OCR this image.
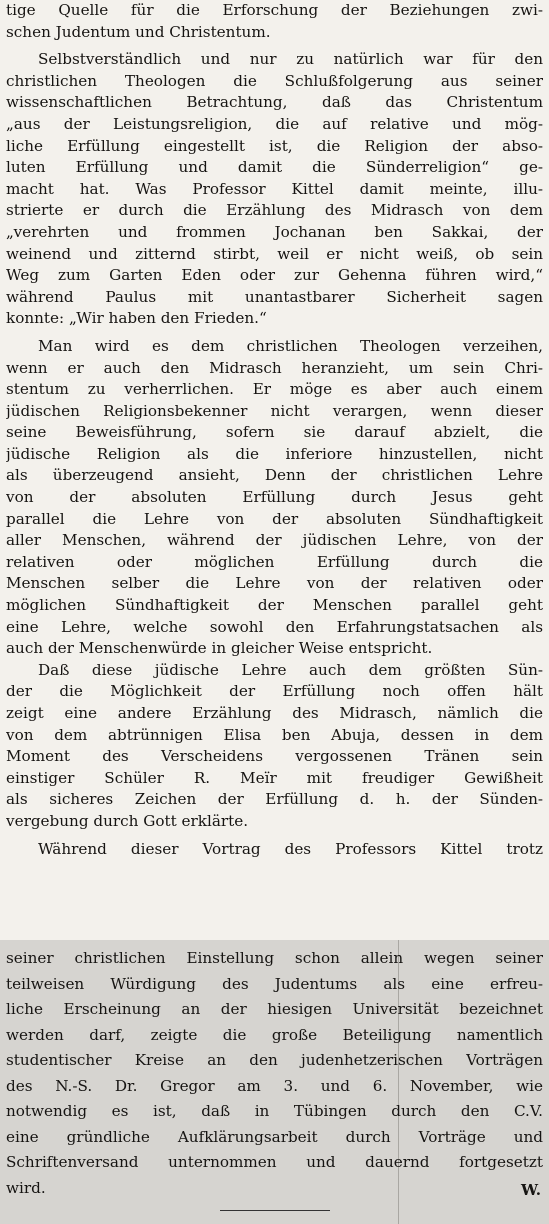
tige Quelle für die Erforschung der Beziehungen zwi-
schen Judentum und Christentum.
Selbstverständlich und nur zu natürlich war für den
christlichen Theologen die Schlußfolgerung aus seiner
wissenschaftlichen Betrachtung, daß das Christentum
„aus der Leistungsreligion, die auf relative und mög-
liche Erfüllung eingestellt ist, die Religion der abso-
luten Erfüllung und damit die Sünderreligion“ ge-
macht hat. Was Professor Kittel damit meinte, illu-
strierte er durch die Erzählung des Midrasch von dem
„verehrten und frommen Jochanan ben Sakkai, der
weinend und zitternd stirbt, weil er nicht weiß, ob sein
Weg zum Garten Eden oder zur Gehenna führen wird,“
während Paulus mit unantastbarer Sicherheit sagen
konnte: „Wir haben den Frieden.“
Man wird es dem christlichen Theologen verzeihen,
wenn er auch den Midrasch heranzieht, um sein Chri-
stentum zu verherrlichen. Er möge es aber auch einem
jüdischen Religionsbekenner nicht verargen, wenn dieser
seine Beweisführung, sofern sie darauf abzielt, die
jüdische Religion als die inferiore hinzustellen, nicht
als überzeugend ansieht, Denn der christlichen Lehre
von der absoluten Erfüllung durch Jesus geht
parallel die Lehre von der absoluten Sündhaftigkeit
aller Menschen, während der jüdischen Lehre, von der
relativen oder möglichen Erfüllung durch die
Menschen selber die Lehre von der relativen oder
möglichen Sündhaftigkeit der Menschen parallel geht
eine Lehre, welche sowohl den Erfahrungstatsachen als
auch der Menschenwürde in gleicher Weise entspricht.
Daß diese jüdische Lehre auch dem größten Sün-
der die Möglichkeit der Erfüllung noch offen hält
zeigt eine andere Erzählung des Midrasch, nämlich die
von dem abtrünnigen Elisa ben Abuja, dessen in dem
Moment des Verscheidens vergossenen Tränen sein
einstiger Schüler R. Meïr mit freudiger Gewißheit
als sicheres Zeichen der Erfüllung d. h. der Sünden-
vergebung durch Gott erklärte.
Während dieser Vortrag des Professors Kittel trotz
seiner christlichen Einstellung schon allein wegen seiner
teilweisen Würdigung des Judentums als eine erfreu-
liche Erscheinung an der hiesigen Universität bezeichnet
werden darf, zeigte die große Beteiligung namentlich
studentischer Kreise an den judenhetzerischen Vorträgen
des N.-S. Dr. Gregor am 3. und 6. November, wie
notwendig es ist, daß in Tübingen durch den C.V.
eine gründliche Aufklärungsarbeit durch Vorträge und
Schriftenversand unternommen und dauernd fortgesetzt
wird.	W.
